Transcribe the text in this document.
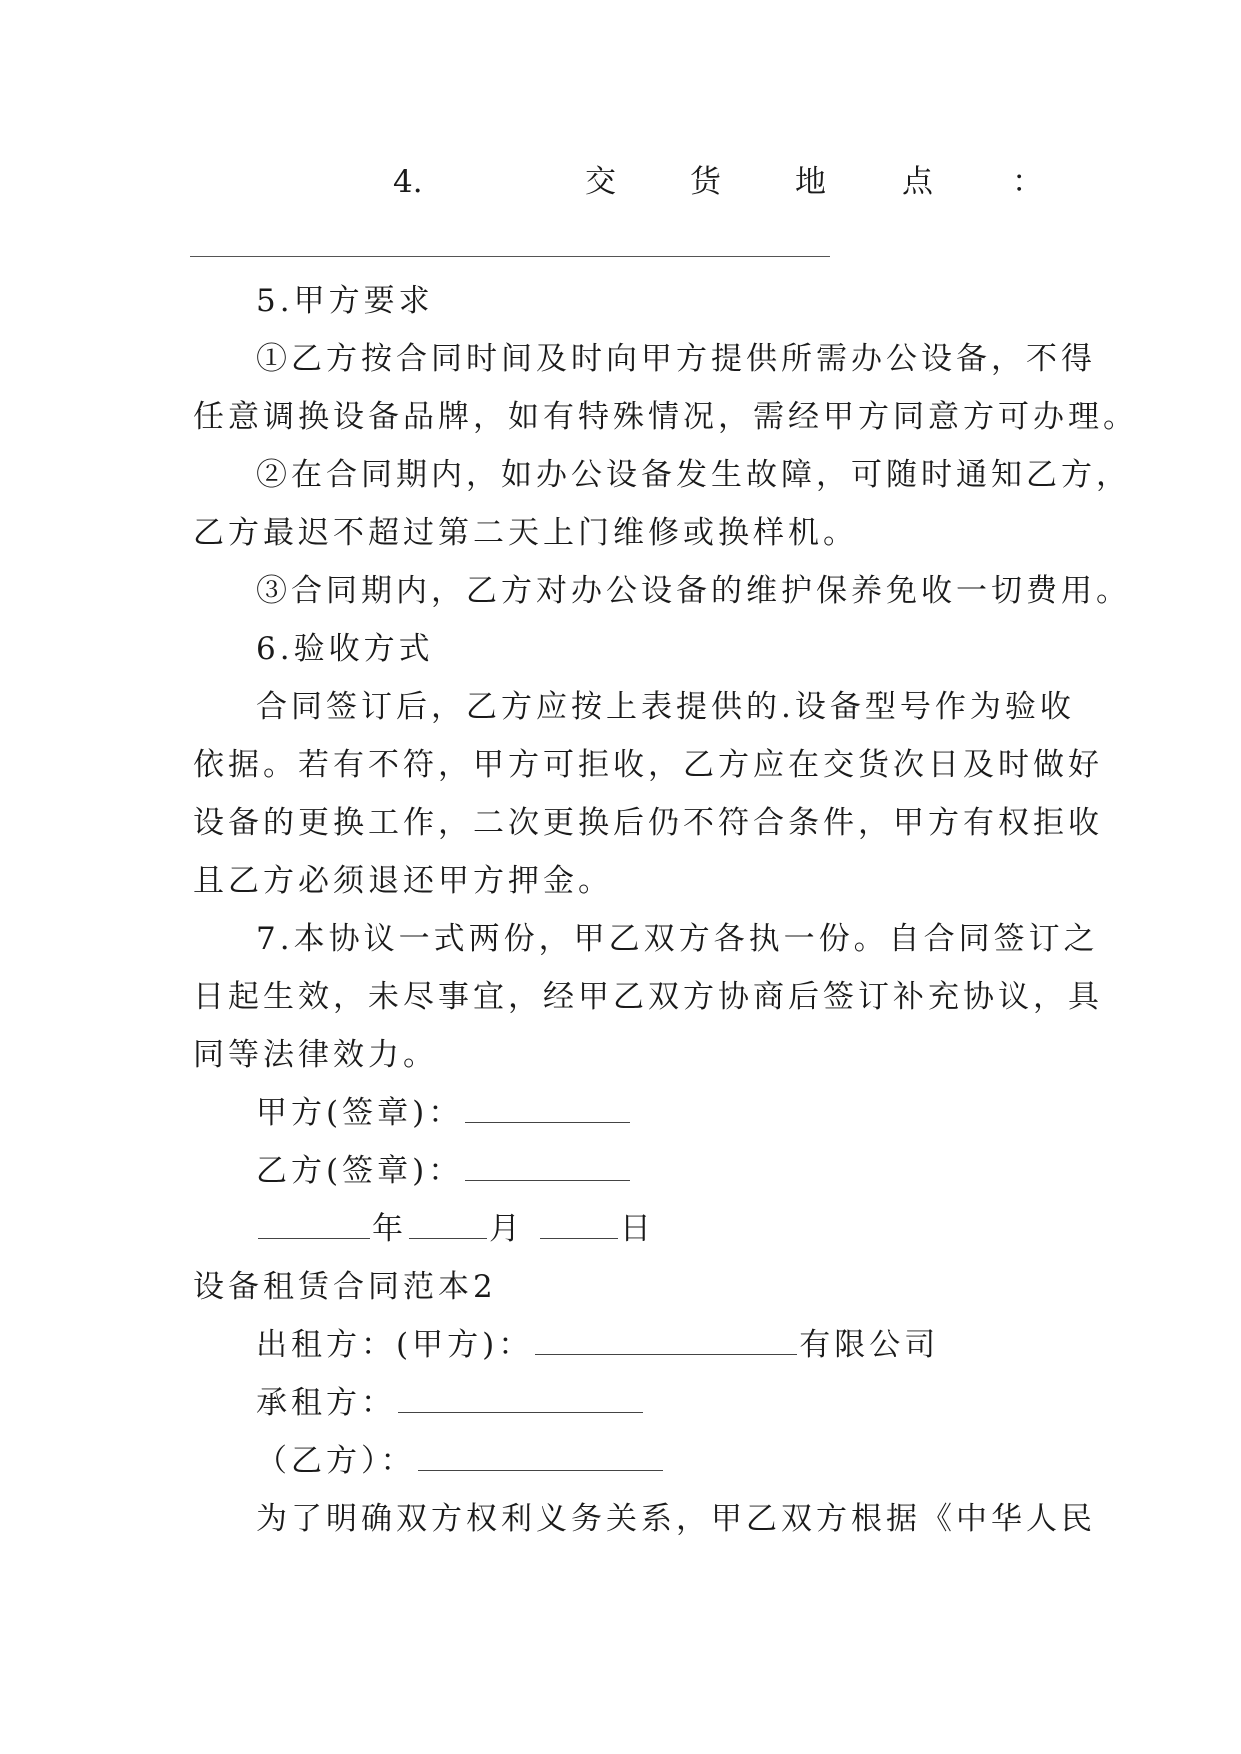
4.	交 货 地 点	：

5.甲方要求

①乙方按合同时间及时向甲方提供所需办公设备，不得

任意调换设备品牌，如有特殊情况，需经甲方同意方可办理。

②在合同期内，如办公设备发生故障，可随时通知乙方，

乙方最迟不超过第二天上门维修或换样机。

③合同期内，乙方对办公设备的维护保养免收一切费用。

6.验收方式

合同签订后，乙方应按上表提供的.设备型号作为验收

依据。若有不符，甲方可拒收，乙方应在交货次日及时做好

设备的更换工作，二次更换后仍不符合条件，甲方有权拒收

且乙方必须退还甲方押金。

7.本协议一式两份，甲乙双方各执一份。自合同签订之

日起生效，未尽事宜，经甲乙双方协商后签订补充协议，具

同等法律效力。

甲方(签章)：

乙方(签章)：

年	月	日

设备租赁合同范本2

出租方：(甲方)：	有限公司

承租方：

（乙方）：

为了明确双方权利义务关系，甲乙双方根据《中华人民
